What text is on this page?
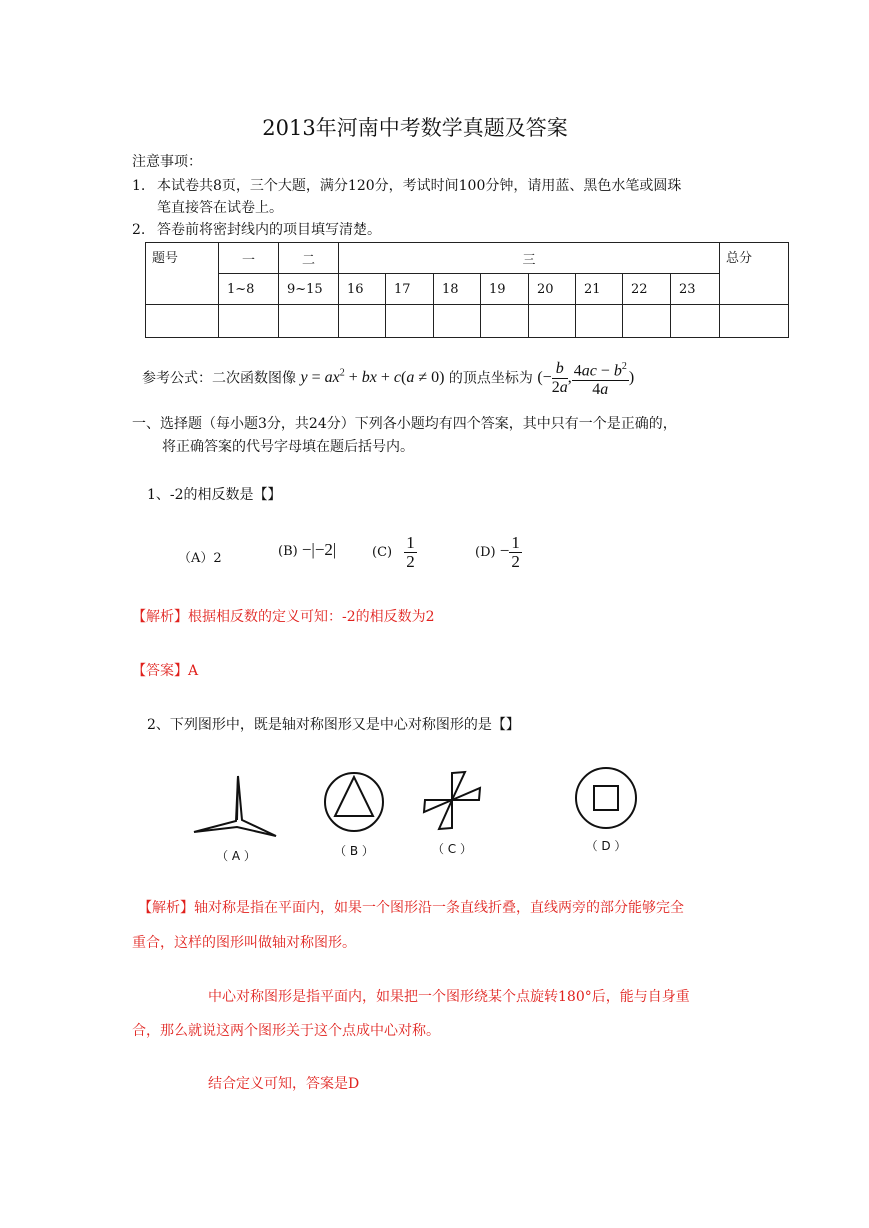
2013年河南中考数学真题及答案
注意事项：
1. 本试卷共8页，三个大题，满分120分，考试时间100分钟，请用蓝、黑色水笔或圆珠
笔直接答在试卷上。
2. 答卷前将密封线内的项目填写清楚。
题号	一	二	三								总分
	1~8	9~15	16	17	18	19	20	21	22	23	

参考公式：二次函数图像 $y = ax^2$ + bx + c(a ≠ 0) 的顶点坐标为 (− $\frac{b}{2a}$ , $\frac{4ac - b^2}{4a}$ )
一、选择题（每小题3分，共24分）下列各小题均有四个答案，其中只有一个是正确的，
将正确答案的代号字母填在题后括号内。
1、-2的相反数是【】
（A）2	(B) −|−2|	$(C) \frac{1}{2}$	$(D) - \frac{1}{2}$
【解析】根据相反数的定义可知：-2的相反数为2
【答案】A
2、下列图形中，既是轴对称图形又是中心对称图形的是【】
（ A ）	（ B ）	（ C ）	（ D ）
【解析】轴对称是指在平面内，如果一个图形沿一条直线折叠，直线两旁的部分能够完全
重合，这样的图形叫做轴对称图形。
中心对称图形是指平面内，如果把一个图形绕某个点旋转180°后，能与自身重
合，那么就说这两个图形关于这个点成中心对称。
结合定义可知，答案是D
